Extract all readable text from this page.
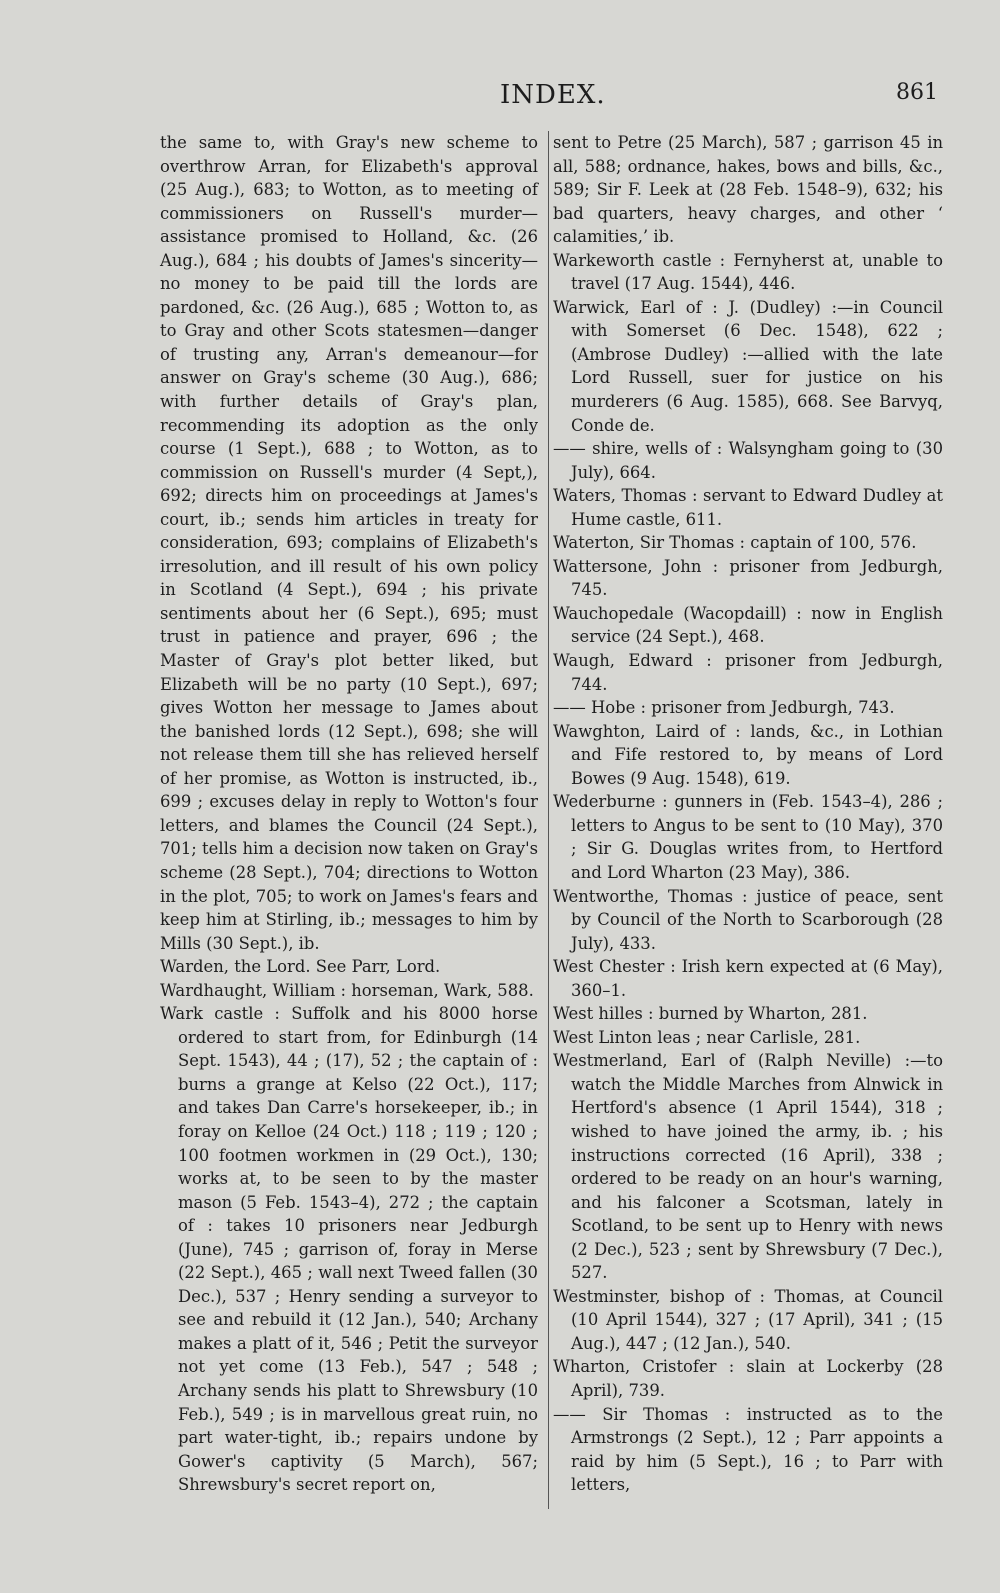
INDEX.	861

the same to, with Gray's new scheme to overthrow Arran, for Elizabeth's approval (25 Aug.), 683; to Wotton, as to meeting of commissioners on Russell's murder—assistance promised to Holland, &c. (26 Aug.), 684 ; his doubts of James's sincerity—no money to be paid till the lords are pardoned, &c. (26 Aug.), 685 ; Wotton to, as to Gray and other Scots statesmen—danger of trusting any, Arran's demeanour—for answer on Gray's scheme (30 Aug.), 686; with further details of Gray's plan, recommending its adoption as the only course (1 Sept.), 688 ; to Wotton, as to commission on Russell's murder (4 Sept,), 692; directs him on proceedings at James's court, ib.; sends him articles in treaty for consideration, 693; complains of Elizabeth's irresolution, and ill result of his own policy in Scotland (4 Sept.), 694 ; his private sentiments about her (6 Sept.), 695; must trust in patience and prayer, 696 ; the Master of Gray's plot better liked, but Elizabeth will be no party (10 Sept.), 697; gives Wotton her message to James about the banished lords (12 Sept.), 698; she will not release them till she has relieved herself of her promise, as Wotton is instructed, ib., 699 ; excuses delay in reply to Wotton's four letters, and blames the Council (24 Sept.), 701; tells him a decision now taken on Gray's scheme (28 Sept.), 704; directions to Wotton in the plot, 705; to work on James's fears and keep him at Stirling, ib.; messages to him by Mills (30 Sept.), ib.

Warden, the Lord. See Parr, Lord.

Wardhaught, William : horseman, Wark, 588.

Wark castle : Suffolk and his 8000 horse ordered to start from, for Edinburgh (14 Sept. 1543), 44 ; (17), 52 ; the captain of : burns a grange at Kelso (22 Oct.), 117; and takes Dan Carre's horsekeeper, ib.; in foray on Kelloe (24 Oct.) 118 ; 119 ; 120 ; 100 footmen workmen in (29 Oct.), 130; works at, to be seen to by the master mason (5 Feb. 1543–4), 272 ; the captain of : takes 10 prisoners near Jedburgh (June), 745 ; garrison of, foray in Merse (22 Sept.), 465 ; wall next Tweed fallen (30 Dec.), 537 ; Henry sending a surveyor to see and rebuild it (12 Jan.), 540; Archany makes a platt of it, 546 ; Petit the surveyor not yet come (13 Feb.), 547 ; 548 ; Archany sends his platt to Shrewsbury (10 Feb.), 549 ; is in marvellous great ruin, no part water-tight, ib.; repairs undone by Gower's captivity (5 March), 567; Shrewsbury's secret report on,

sent to Petre (25 March), 587 ; garrison 45 in all, 588; ordnance, hakes, bows and bills, &c., 589; Sir F. Leek at (28 Feb. 1548–9), 632; his bad quarters, heavy charges, and other ‘ calamities,’ ib.

Warkeworth castle : Fernyherst at, unable to travel (17 Aug. 1544), 446.

Warwick, Earl of : J. (Dudley) :—in Council with Somerset (6 Dec. 1548), 622 ; (Ambrose Dudley) :—allied with the late Lord Russell, suer for justice on his murderers (6 Aug. 1585), 668. See Barvyq, Conde de.

—— shire, wells of : Walsyngham going to (30 July), 664.

Waters, Thomas : servant to Edward Dudley at Hume castle, 611.

Waterton, Sir Thomas : captain of 100, 576.

Wattersone, John : prisoner from Jedburgh, 745.

Wauchopedale (Wacopdaill) : now in English service (24 Sept.), 468.

Waugh, Edward : prisoner from Jedburgh, 744.

—— Hobe : prisoner from Jedburgh, 743.

Wawghton, Laird of : lands, &c., in Lothian and Fife restored to, by means of Lord Bowes (9 Aug. 1548), 619.

Wederburne : gunners in (Feb. 1543–4), 286 ; letters to Angus to be sent to (10 May), 370 ; Sir G. Douglas writes from, to Hertford and Lord Wharton (23 May), 386.

Wentworthe, Thomas : justice of peace, sent by Council of the North to Scarborough (28 July), 433.

West Chester : Irish kern expected at (6 May), 360–1.

West hilles : burned by Wharton, 281.

West Linton leas ; near Carlisle, 281.

Westmerland, Earl of (Ralph Neville) :—to watch the Middle Marches from Alnwick in Hertford's absence (1 April 1544), 318 ; wished to have joined the army, ib. ; his instructions corrected (16 April), 338 ; ordered to be ready on an hour's warning, and his falconer a Scotsman, lately in Scotland, to be sent up to Henry with news (2 Dec.), 523 ; sent by Shrewsbury (7 Dec.), 527.

Westminster, bishop of : Thomas, at Council (10 April 1544), 327 ; (17 April), 341 ; (15 Aug.), 447 ; (12 Jan.), 540.

Wharton, Cristofer : slain at Lockerby (28 April), 739.

—— Sir Thomas : instructed as to the Armstrongs (2 Sept.), 12 ; Parr appoints a raid by him (5 Sept.), 16 ; to Parr with letters,
